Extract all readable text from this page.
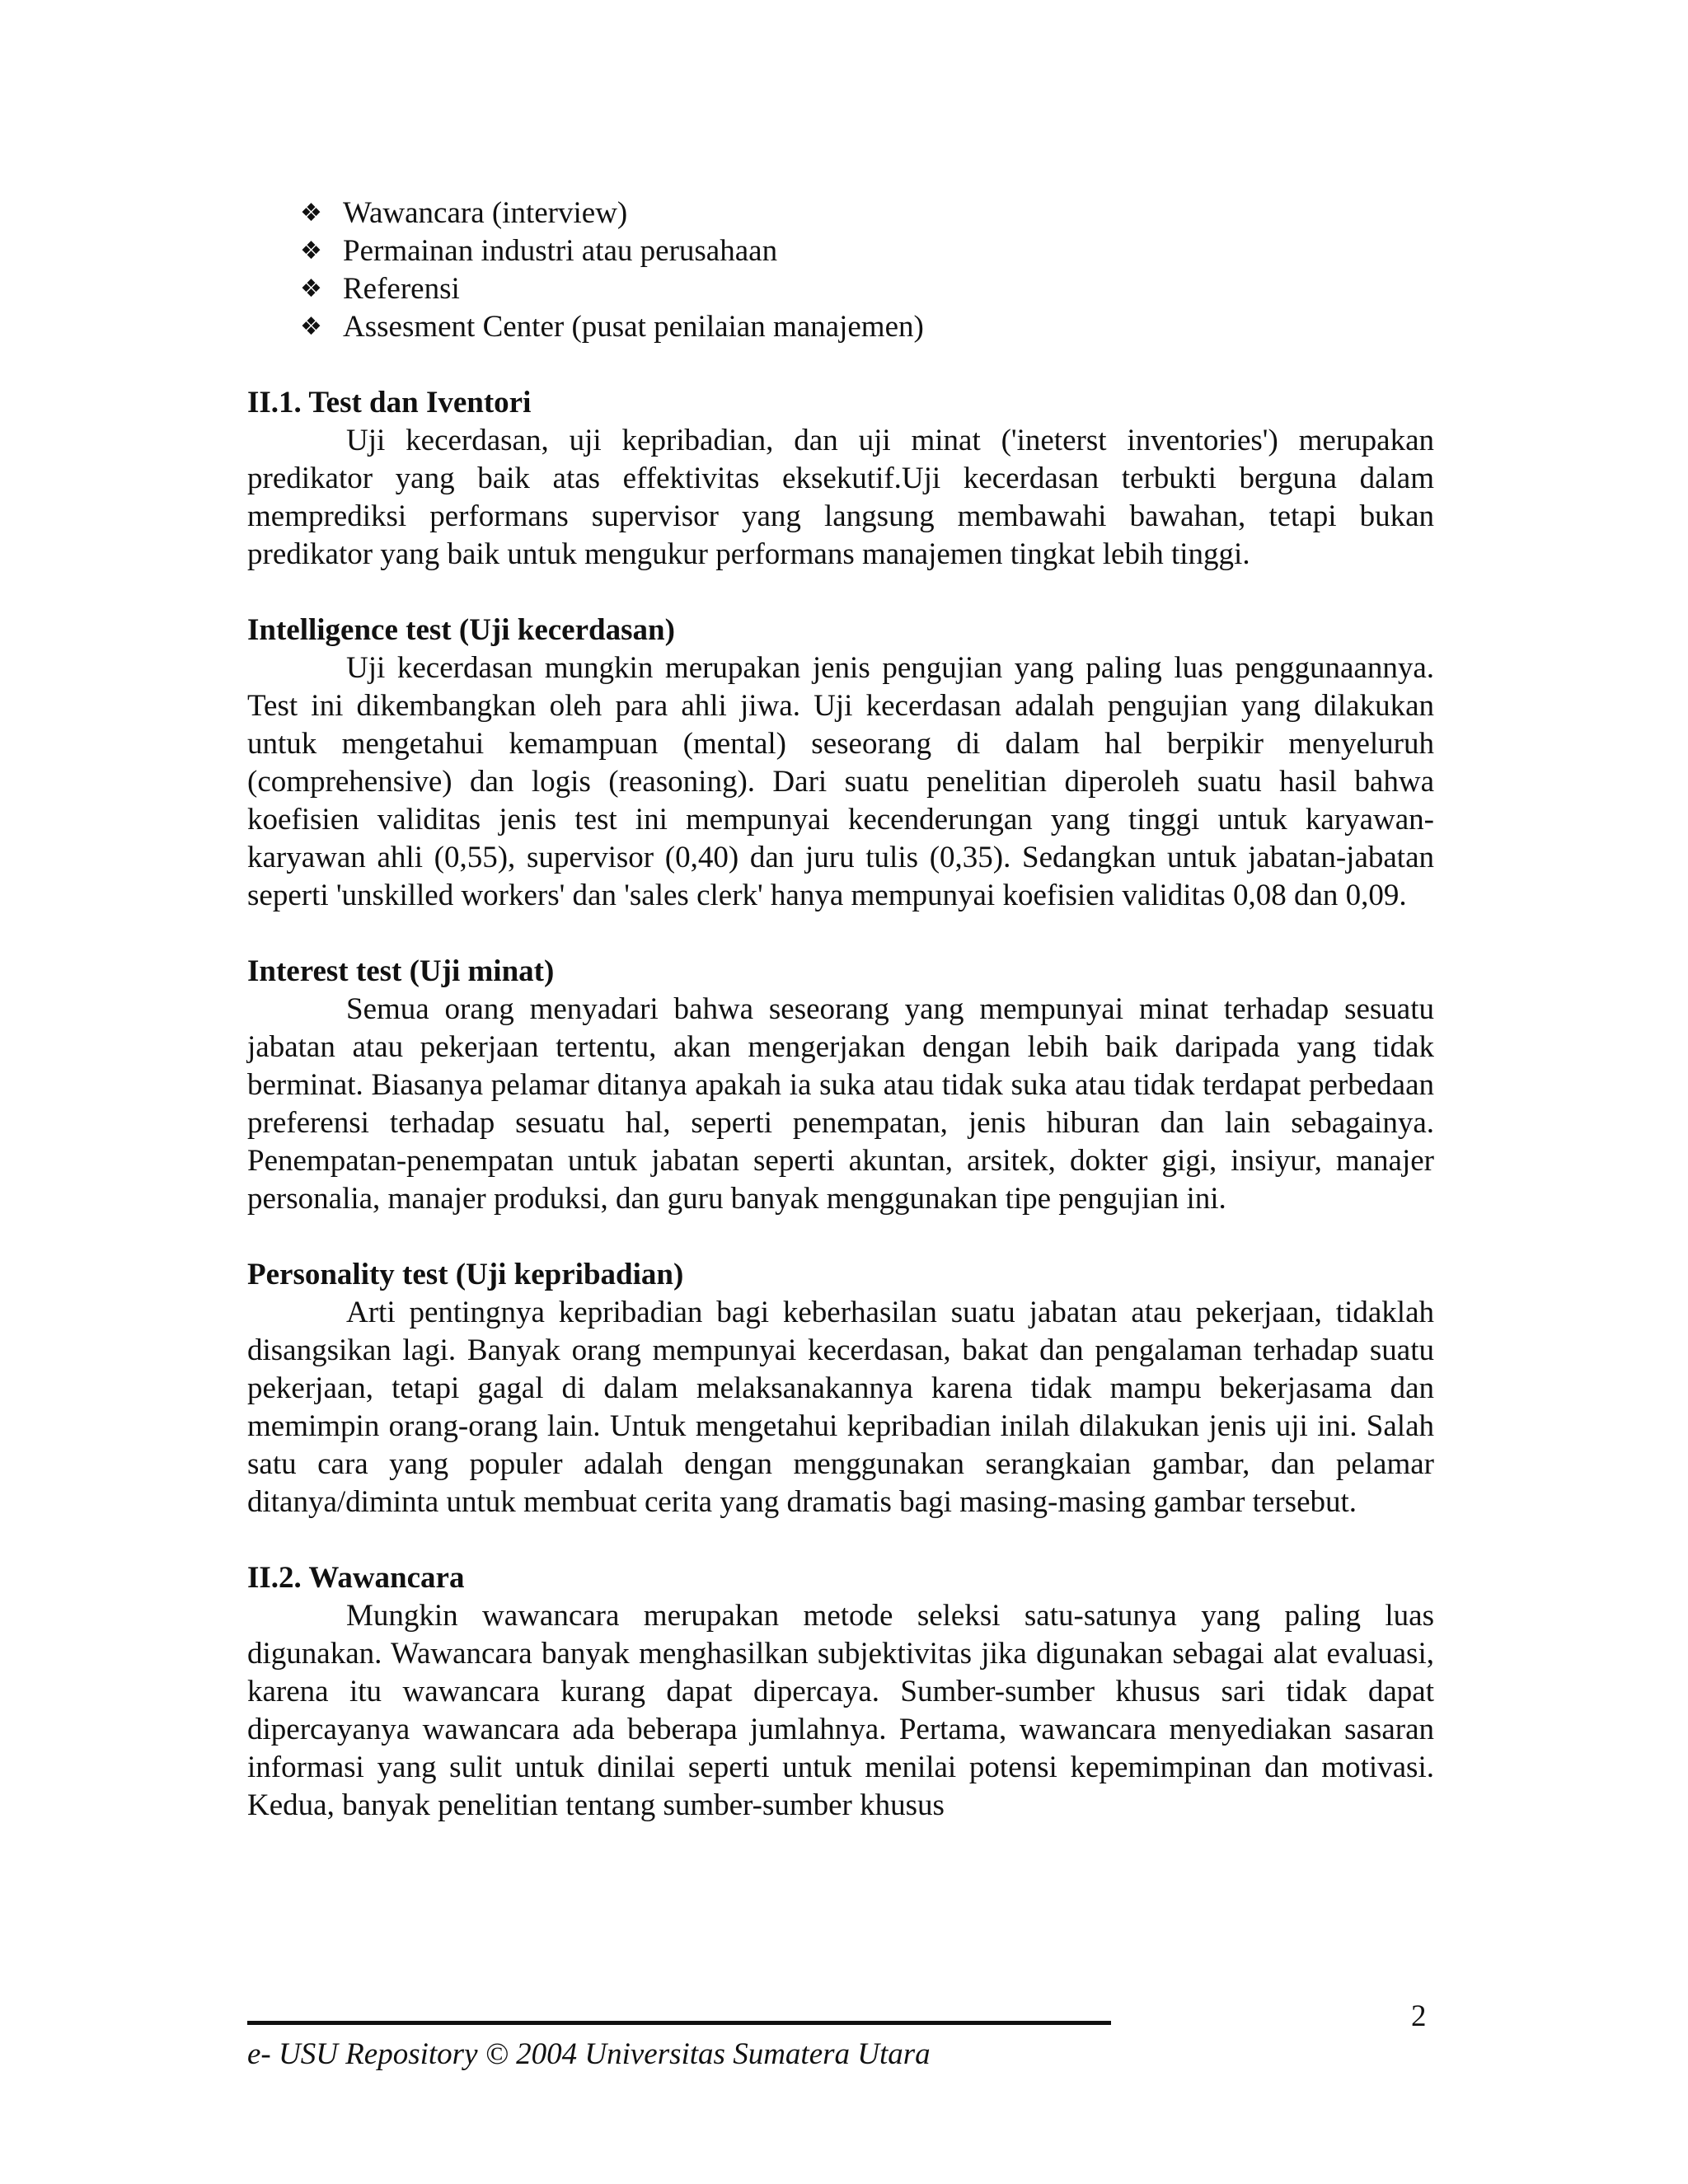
❖ Wawancara (interview)
❖ Permainan industri atau perusahaan
❖ Referensi
❖ Assesment Center (pusat penilaian manajemen)
II.1. Test dan Iventori

Uji kecerdasan, uji kepribadian, dan uji minat ('ineterst inventories') merupakan predikator yang baik atas effektivitas eksekutif.Uji kecerdasan terbukti berguna dalam memprediksi performans supervisor yang langsung membawahi bawahan, tetapi bukan predikator yang baik untuk mengukur performans manajemen tingkat lebih tinggi.

Intelligence test (Uji kecerdasan)

Uji kecerdasan mungkin merupakan jenis pengujian yang paling luas penggunaannya. Test ini dikembangkan oleh para ahli jiwa. Uji kecerdasan adalah pengujian yang dilakukan untuk mengetahui kemampuan (mental) seseorang di dalam hal berpikir menyeluruh (comprehensive) dan logis (reasoning). Dari suatu penelitian diperoleh suatu hasil bahwa koefisien validitas jenis test ini mempunyai kecenderungan yang tinggi untuk karyawan-karyawan ahli (0,55), supervisor (0,40) dan juru tulis (0,35). Sedangkan untuk jabatan-jabatan seperti 'unskilled workers' dan 'sales clerk' hanya mempunyai koefisien validitas 0,08 dan 0,09.

Interest test (Uji minat)

Semua orang menyadari bahwa seseorang yang mempunyai minat terhadap sesuatu jabatan atau pekerjaan tertentu, akan mengerjakan dengan lebih baik daripada yang tidak berminat. Biasanya pelamar ditanya apakah ia suka atau tidak suka atau tidak terdapat perbedaan preferensi terhadap sesuatu hal, seperti penempatan, jenis hiburan dan lain sebagainya. Penempatan-penempatan untuk jabatan seperti akuntan, arsitek, dokter gigi, insiyur, manajer personalia, manajer produksi, dan guru banyak menggunakan tipe pengujian ini.

Personality test (Uji kepribadian)

Arti pentingnya kepribadian bagi keberhasilan suatu jabatan atau pekerjaan, tidaklah disangsikan lagi. Banyak orang mempunyai kecerdasan, bakat dan pengalaman terhadap suatu pekerjaan, tetapi gagal di dalam melaksanakannya karena tidak mampu bekerjasama dan memimpin orang-orang lain. Untuk mengetahui kepribadian inilah dilakukan jenis uji ini. Salah satu cara yang populer adalah dengan menggunakan serangkaian gambar, dan pelamar ditanya/diminta untuk membuat cerita yang dramatis bagi masing-masing gambar tersebut.

II.2. Wawancara

Mungkin wawancara merupakan metode seleksi satu-satunya yang paling luas digunakan. Wawancara banyak menghasilkan subjektivitas jika digunakan sebagai alat evaluasi, karena itu wawancara kurang dapat dipercaya. Sumber-sumber khusus sari tidak dapat dipercayanya wawancara ada beberapa jumlahnya. Pertama, wawancara menyediakan sasaran informasi yang sulit untuk dinilai seperti untuk menilai potensi kepemimpinan dan motivasi. Kedua, banyak penelitian tentang sumber-sumber khusus

2
e- USU Repository © 2004 Universitas Sumatera Utara
